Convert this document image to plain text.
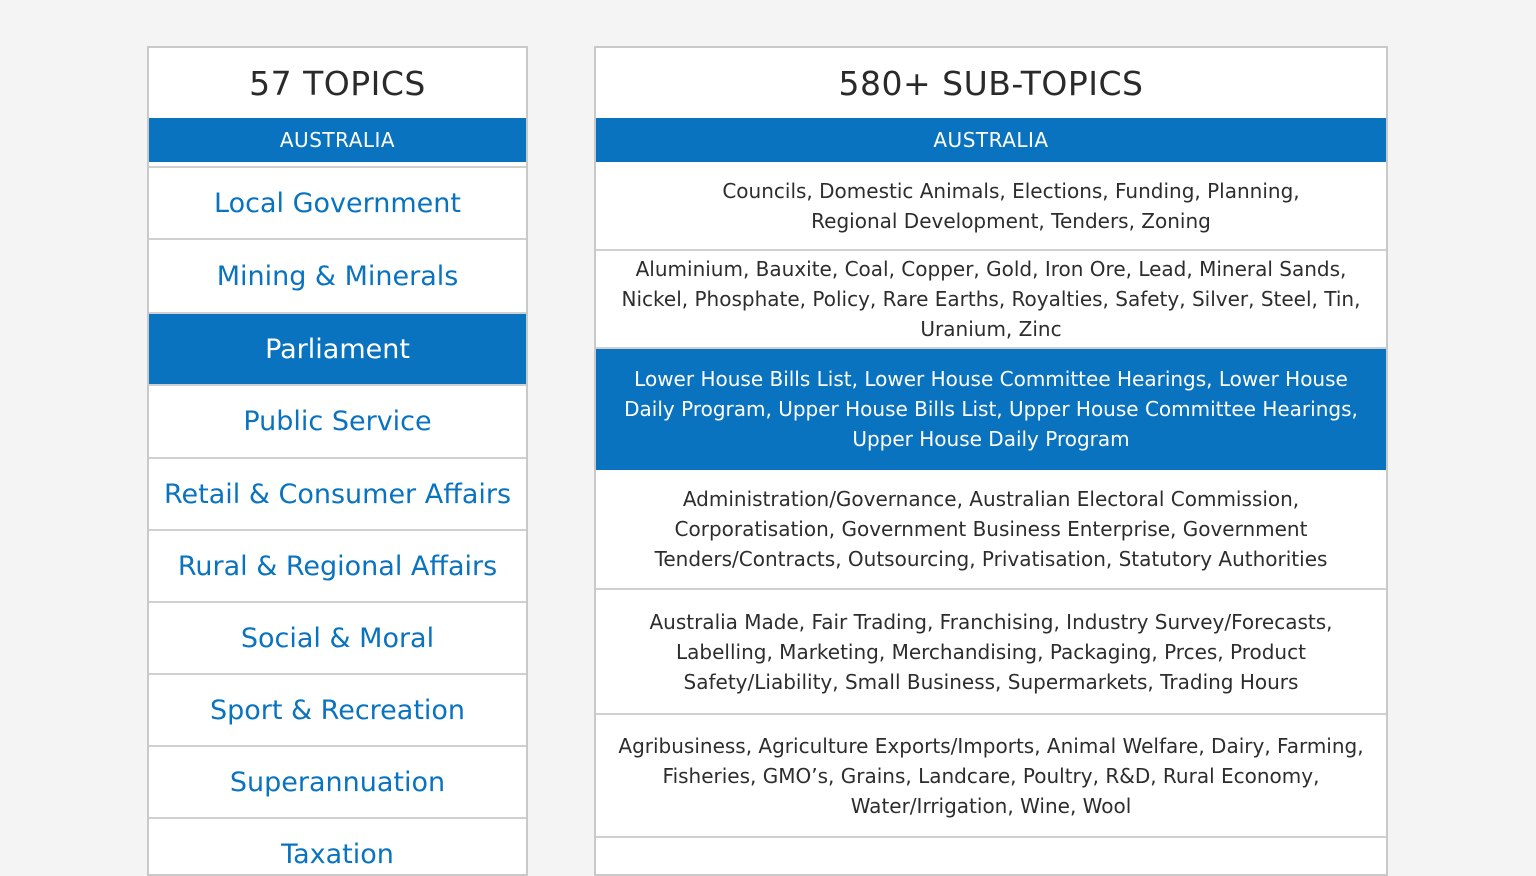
57 TOPICS
AUSTRALIA
Local Government
Mining & Minerals
Parliament
Public Service
Retail & Consumer Affairs
Rural & Regional Affairs
Social & Moral
Sport & Recreation
Superannuation
Taxation
580+ SUB-TOPICS
AUSTRALIA
Councils, Domestic Animals, Elections, Funding, Planning, Regional Development, Tenders, Zoning
Aluminium, Bauxite, Coal, Copper, Gold, Iron Ore, Lead, Mineral Sands, Nickel, Phosphate, Policy, Rare Earths, Royalties, Safety, Silver, Steel, Tin, Uranium, Zinc
Lower House Bills List, Lower House Committee Hearings, Lower House Daily Program, Upper House Bills List, Upper House Committee Hearings, Upper House Daily Program
Administration/Governance, Australian Electoral Commission, Corporatisation, Government Business Enterprise, Government Tenders/Contracts, Outsourcing, Privatisation, Statutory Authorities
Australia Made, Fair Trading, Franchising, Industry Survey/Forecasts, Labelling, Marketing, Merchandising, Packaging, Prces, Product Safety/Liability, Small Business, Supermarkets, Trading Hours
Agribusiness, Agriculture Exports/Imports, Animal Welfare, Dairy, Farming, Fisheries, GMO’s, Grains, Landcare, Poultry, R&D, Rural Economy, Water/Irrigation, Wine, Wool
